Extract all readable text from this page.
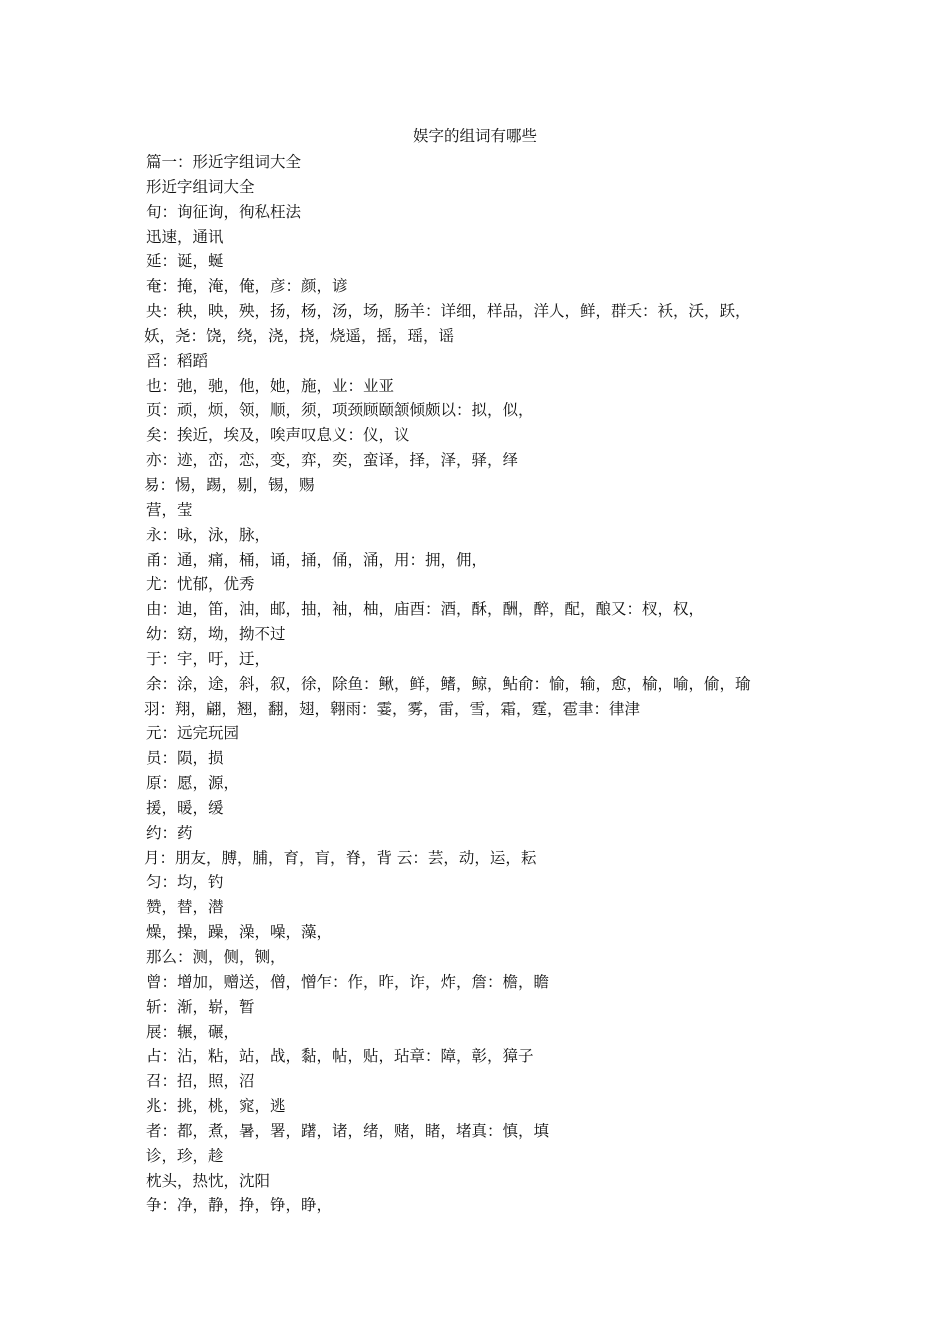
娱字的组词有哪些
篇一：形近字组词大全
形近字组词大全
旬：询征询，徇私枉法
迅速，通讯
延：诞，蜒
奄：掩，淹，俺，彦：颜，谚
央：秧，映，殃，扬，杨，汤，场，肠羊：详细，样品，洋人，鲜，群夭：袄，沃，跃，
妖，尧：饶，绕，浇，挠，烧遥，摇，瑶，谣
舀：稻蹈
也：弛，驰，他，她，施，业：业亚
页：顽，烦，领，顺，须，项颈顾颐颔倾颇以：拟，似，
矣：挨近，埃及，唉声叹息义：仪，议
亦：迹，峦，恋，变，弈，奕，蛮译，择，泽，驿，绎
易：惕，踢，剔，锡，赐
营，莹
永：咏，泳，脉，
甬：通，痛，桶，诵，捅，俑，涌，用：拥，佣，
尤：忧郁，优秀
由：迪，笛，油，邮，抽，袖，柚，庙酉：酒，酥，酬，醉，配，酿又：杈，权，
幼：窈，坳，拗不过
于：宇，吁，迂，
余：涂，途，斜，叙，徐，除鱼：鳅，鲜，鳍，鲸，鲇俞：愉，输，愈，榆，喻，偷，瑜
羽：翔，翩，翘，翻，翅，翱雨：霎，雾，雷，雪，霜，霆，雹聿：律津
元：远完玩园
员：陨，损
原：愿，源，
援，暖，缓
约：药
月：朋友，膊，脯，育，肓，脊，背 云：芸，动，运，耘
匀：均，钓
赞，替，潜
燥，操，躁，澡，噪，藻，
那么：测，侧，铡，
曾：增加，赠送，僧，憎乍：作，昨，诈，炸，詹：檐，瞻
斩：渐，崭，暂
展：辗，碾，
占：沾，粘，站，战，黏，帖，贴，玷章：障，彰，獐子
召：招，照，沼
兆：挑，桃，窕，逃
者：都，煮，暑，署，躇，诸，绪，赌，睹，堵真：慎，填
诊，珍，趁
枕头，热忱，沈阳
争：净，静，挣，铮，睁，
